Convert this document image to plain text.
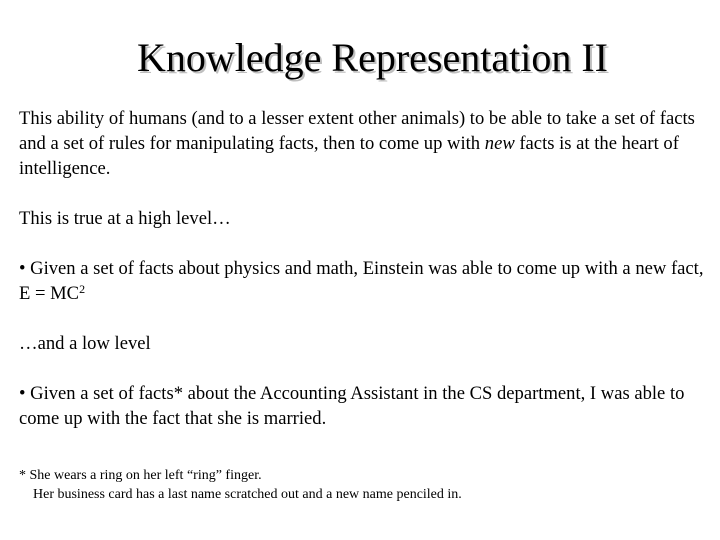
Knowledge Representation II

This ability of humans (and to a lesser extent other animals) to be able to take a set of facts and a set of rules for manipulating facts, then to come up with new facts is at the heart of intelligence.

This is true at a high level…

• Given a set of facts about physics and math, Einstein was able to come up with a new fact, $E = MC^2$

…and a low level

• Given a set of facts* about the Accounting Assistant in the CS department, I was able to come up with the fact that she is married.

* She wears a ring on her left “ring” finger.
Her business card has a last name scratched out and a new name penciled in.
